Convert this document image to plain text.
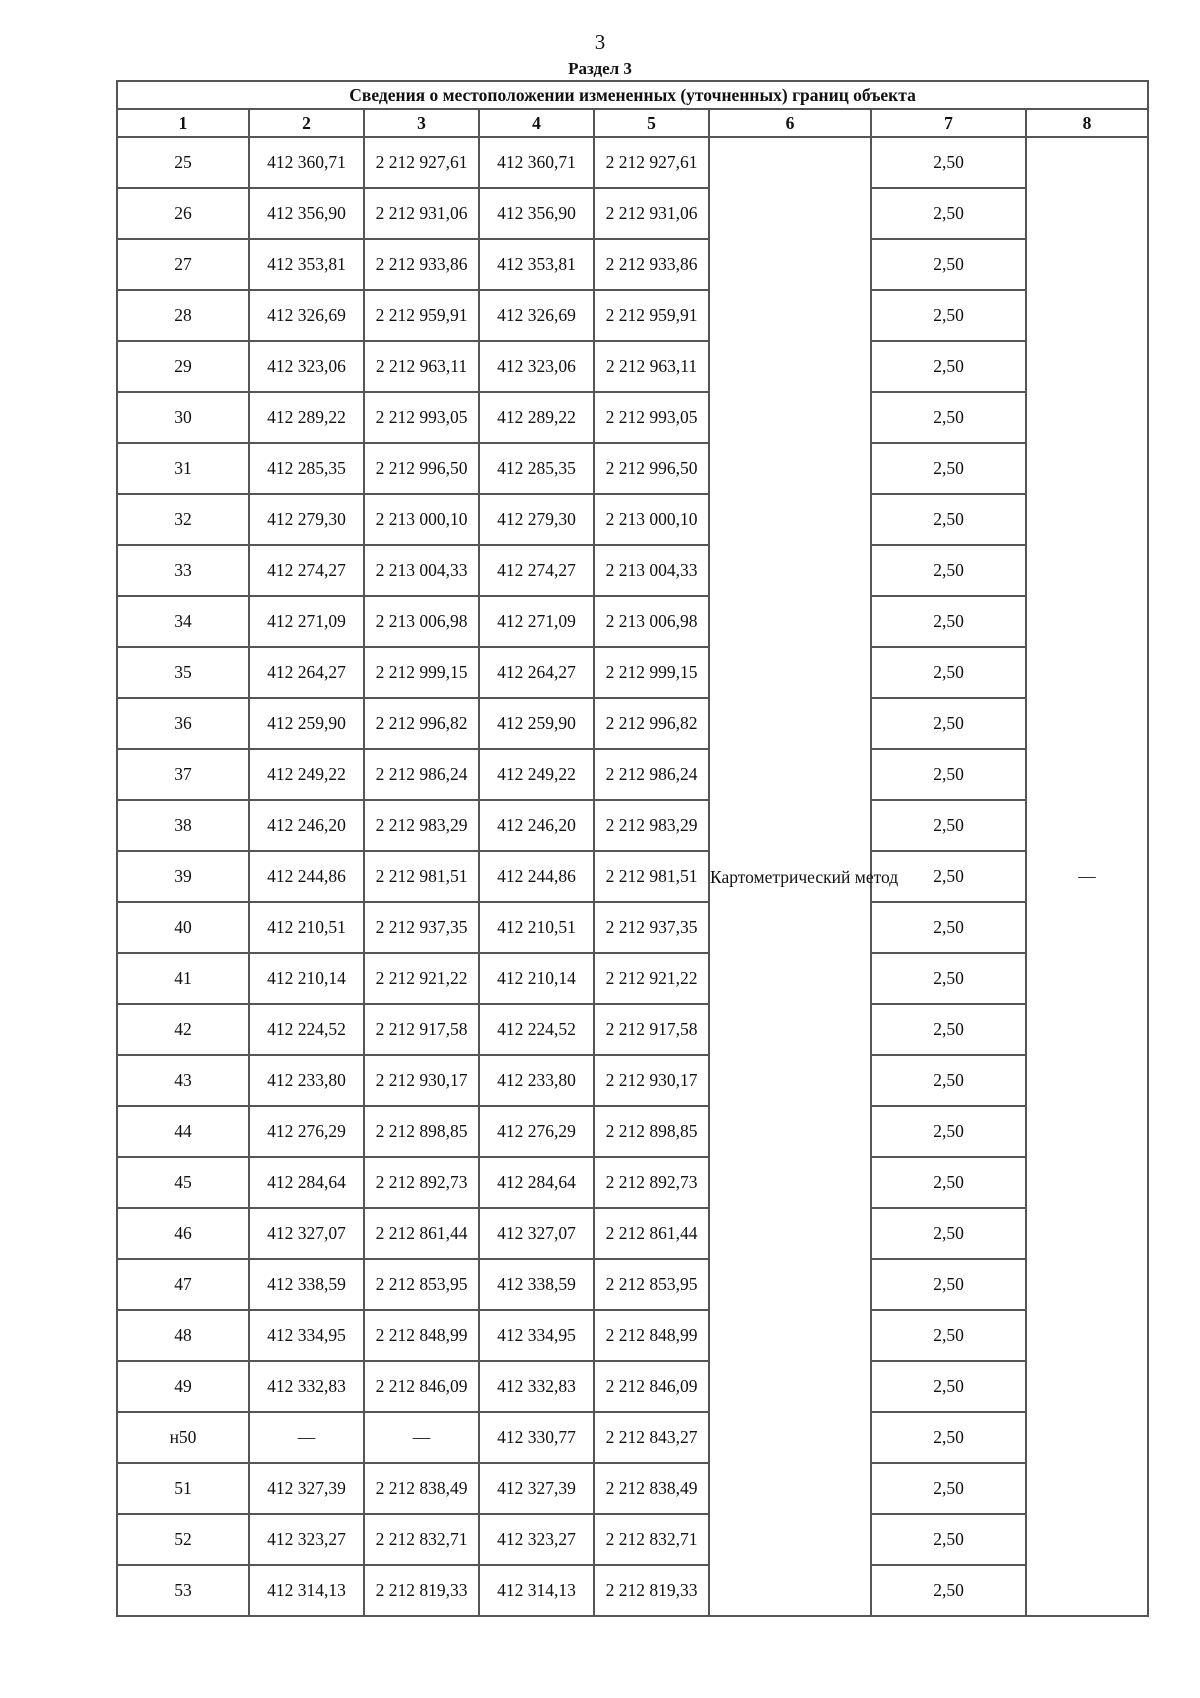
3
Раздел 3
Сведения о местоположении измененных (уточненных) границ объекта							
1	2	3	4	5	6	7	8
25	412 360,71	2 212 927,61	412 360,71	2 212 927,61	Картометрический метод	2,50	—
26	412 356,90	2 212 931,06	412 356,90	2 212 931,06		2,50	
27	412 353,81	2 212 933,86	412 353,81	2 212 933,86		2,50	
28	412 326,69	2 212 959,91	412 326,69	2 212 959,91		2,50	
29	412 323,06	2 212 963,11	412 323,06	2 212 963,11		2,50	
30	412 289,22	2 212 993,05	412 289,22	2 212 993,05		2,50	
31	412 285,35	2 212 996,50	412 285,35	2 212 996,50		2,50	
32	412 279,30	2 213 000,10	412 279,30	2 213 000,10		2,50	
33	412 274,27	2 213 004,33	412 274,27	2 213 004,33		2,50	
34	412 271,09	2 213 006,98	412 271,09	2 213 006,98		2,50	
35	412 264,27	2 212 999,15	412 264,27	2 212 999,15		2,50	
36	412 259,90	2 212 996,82	412 259,90	2 212 996,82		2,50	
37	412 249,22	2 212 986,24	412 249,22	2 212 986,24		2,50	
38	412 246,20	2 212 983,29	412 246,20	2 212 983,29		2,50	
39	412 244,86	2 212 981,51	412 244,86	2 212 981,51		2,50	
40	412 210,51	2 212 937,35	412 210,51	2 212 937,35		2,50	
41	412 210,14	2 212 921,22	412 210,14	2 212 921,22		2,50	
42	412 224,52	2 212 917,58	412 224,52	2 212 917,58		2,50	
43	412 233,80	2 212 930,17	412 233,80	2 212 930,17		2,50	
44	412 276,29	2 212 898,85	412 276,29	2 212 898,85		2,50	
45	412 284,64	2 212 892,73	412 284,64	2 212 892,73		2,50	
46	412 327,07	2 212 861,44	412 327,07	2 212 861,44		2,50	
47	412 338,59	2 212 853,95	412 338,59	2 212 853,95		2,50	
48	412 334,95	2 212 848,99	412 334,95	2 212 848,99		2,50	
49	412 332,83	2 212 846,09	412 332,83	2 212 846,09		2,50	
н50	—	—	412 330,77	2 212 843,27		2,50	
51	412 327,39	2 212 838,49	412 327,39	2 212 838,49		2,50	
52	412 323,27	2 212 832,71	412 323,27	2 212 832,71		2,50	
53	412 314,13	2 212 819,33	412 314,13	2 212 819,33		2,50	
